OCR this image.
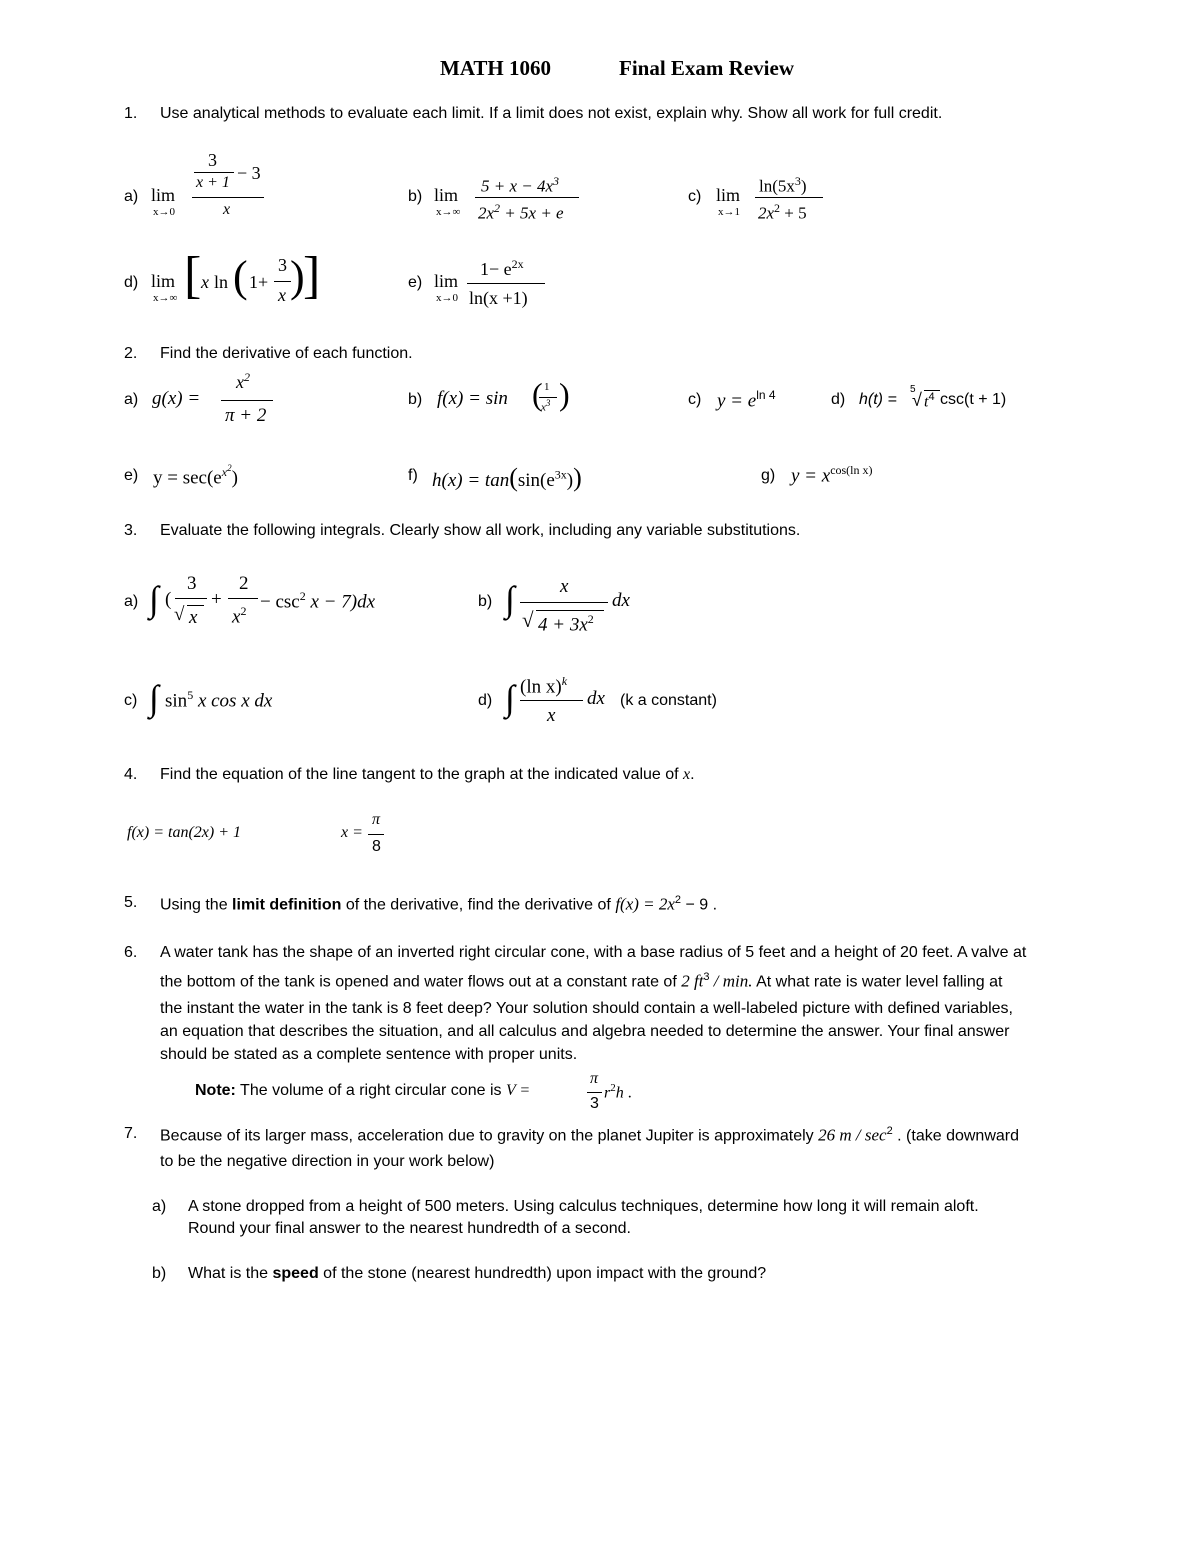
MATH 1060	Final Exam Review
1. Use analytical methods to evaluate each limit. If a limit does not exist, explain why. Show all work for full credit.
a) lim
x→0
3
x + 1 − 3
x
b) lim
x→∞
$5 + x - 4x^3$
$2x^2 + 5x + e$
c) lim
x→1
$\ln(5x^3)$
$2x^2 + 5$
d) lim
x→∞ [ x ln ( 1+
3
x )
]	e) lim
x→0
$1- e^{2x}$
ln(x +1)
2. Find the derivative of each function.
a) g(x) =
$x^2$
π + 2
b) f(x) = sin ( 1
$x^3$ )	c) $y = e^{ln 4}$	d) h(t) =
5
√ $t^4$ csc(t + 1)
e) $y = \sec(e^{x^2})$	f) $h(x) = \tan(\sin(e^{3x}))$	g) $y = x^{cos(ln x)}$
3. Evaluate the following integrals. Clearly show all work, including any variable substitutions.
a) ∫ (
3
√ x
+
2
$x^2 - \csc^2 x - 7)dx$	b) ∫ x
√ $4 + 3x^2$
dx
c) ∫ $\sin^5 x$ cos x dx	d) ∫ (ln x)$^k$
x
dx (k a constant)
4. Find the equation of the line tangent to the graph at the indicated value of x.
f(x) = tan(2x) + 1	x =
π
8
5. Using the limit definition of the derivative, find the derivative of $f(x) = 2x^2 - 9$ .
6. A water tank has the shape of an inverted right circular cone, with a base radius of 5 feet and a height of 20 feet. A valve at
the bottom of the tank is opened and water flows out at a constant rate of 2 $ft^3$ / min. At what rate is water level falling at
the instant the water in the tank is 8 feet deep? Your solution should contain a well-labeled picture with defined variables,
an equation that describes the situation, and all calculus and algebra needed to determine the answer. Your final answer
should be stated as a complete sentence with proper units.
Note: The volume of a right circular cone is V =
π
3
$r^2h$ .
7. Because of its larger mass, acceleration due to gravity on the planet Jupiter is approximately 26 m / $\sec^2$ . (take downward
to be the negative direction in your work below)
a) A stone dropped from a height of 500 meters. Using calculus techniques, determine how long it will remain aloft.
Round your final answer to the nearest hundredth of a second.
b) What is the speed of the stone (nearest hundredth) upon impact with the ground?
